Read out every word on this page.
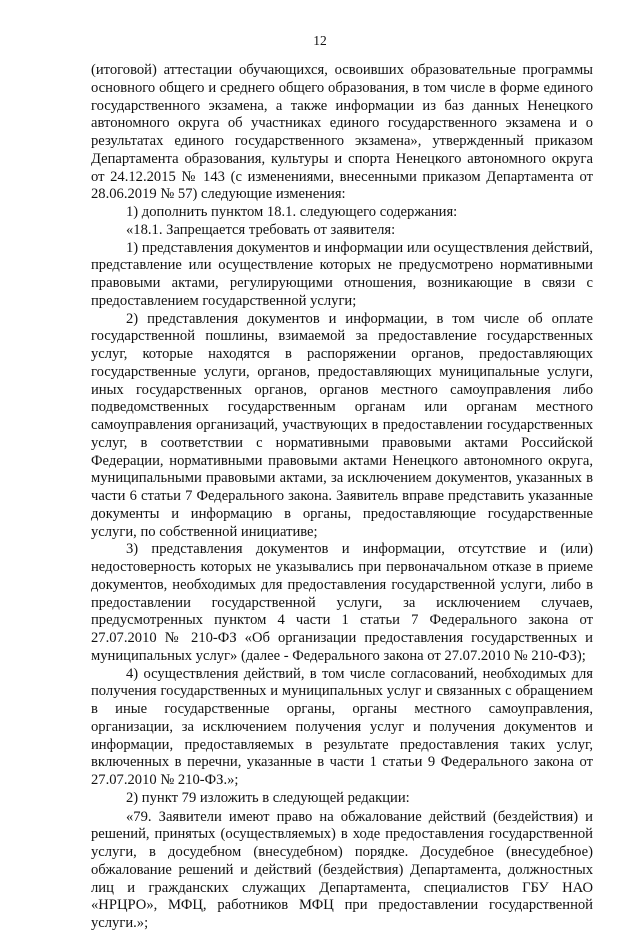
12

(итоговой) аттестации обучающихся, освоивших образовательные программы основного общего и среднего общего образования, в том числе в форме единого государственного экзамена, а также информации из баз данных Ненецкого автономного округа об участниках единого государственного экзамена и о результатах единого государственного экзамена», утвержденный приказом Департамента образования, культуры и спорта Ненецкого автономного округа от 24.12.2015 № 143 (с изменениями, внесенными приказом Департамента от 28.06.2019 № 57) следующие изменения:

1) дополнить пунктом 18.1. следующего содержания:

«18.1. Запрещается требовать от заявителя:

1) представления документов и информации или осуществления действий, представление или осуществление которых не предусмотрено нормативными правовыми актами, регулирующими отношения, возникающие в связи с предоставлением государственной услуги;

2) представления документов и информации, в том числе об оплате государственной пошлины, взимаемой за предоставление государственных услуг, которые находятся в распоряжении органов, предоставляющих государственные услуги, органов, предоставляющих муниципальные услуги, иных государственных органов, органов местного самоуправления либо подведомственных государственным органам или органам местного самоуправления организаций, участвующих в предоставлении государственных услуг, в соответствии с нормативными правовыми актами Российской Федерации, нормативными правовыми актами Ненецкого автономного округа, муниципальными правовыми актами, за исключением документов, указанных в части 6 статьи 7 Федерального закона. Заявитель вправе представить указанные документы и информацию в органы, предоставляющие государственные услуги, по собственной инициативе;

3) представления документов и информации, отсутствие и (или) недостоверность которых не указывались при первоначальном отказе в приеме документов, необходимых для предоставления государственной услуги, либо в предоставлении государственной услуги, за исключением случаев, предусмотренных пунктом 4 части 1 статьи 7 Федерального закона от 27.07.2010 № 210-ФЗ «Об организации предоставления государственных и муниципальных услуг» (далее - Федерального закона от 27.07.2010 № 210-ФЗ);

4) осуществления действий, в том числе согласований, необходимых для получения государственных и муниципальных услуг и связанных с обращением в иные государственные органы, органы местного самоуправления, организации, за исключением получения услуг и получения документов и информации, предоставляемых в результате предоставления таких услуг, включенных в перечни, указанные в части 1 статьи 9 Федерального закона от 27.07.2010 № 210-ФЗ.»;

2) пункт 79 изложить в следующей редакции:

«79. Заявители имеют право на обжалование действий (бездействия) и решений, принятых (осуществляемых) в ходе предоставления государственной услуги, в досудебном (внесудебном) порядке. Досудебное (внесудебное) обжалование решений и действий (бездействия) Департамента, должностных лиц и гражданских служащих Департамента, специалистов ГБУ НАО «НРЦРО», МФЦ, работников МФЦ при предоставлении государственной услуги.»;
